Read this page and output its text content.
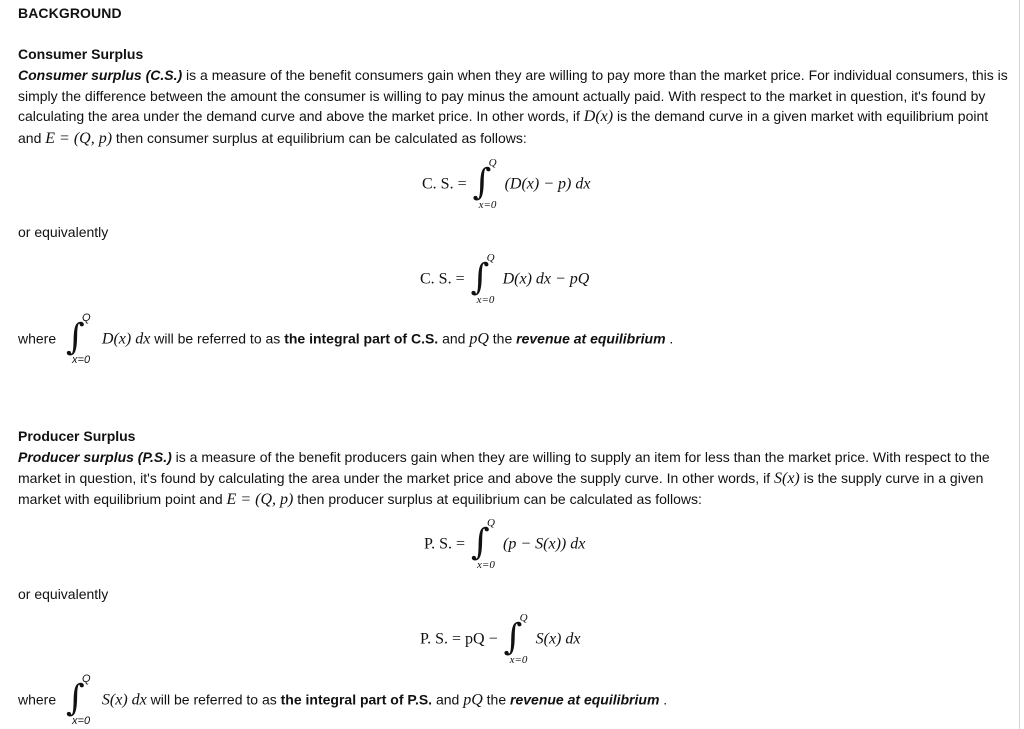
BACKGROUND
Consumer Surplus
Consumer surplus (C.S.) is a measure of the benefit consumers gain when they are willing to pay more than the market price. For individual consumers, this is simply the difference between the amount the consumer is willing to pay minus the amount actually paid. With respect to the market in question, it's found by calculating the area under the demand curve and above the market price. In other words, if D(x) is the demand curve in a given market with equilibrium point and E = (Q, p) then consumer surplus at equilibrium can be calculated as follows:
C. S. = ∫
Q
x=0
(D(x) − p) dx
or equivalently
C. S. = ∫
Q
x=0
D(x) dx − pQ
where ∫
Q
x=0
D(x) dx will be referred to as the integral part of C.S. and pQ the revenue at equilibrium .
Producer Surplus
Producer surplus (P.S.) is a measure of the benefit producers gain when they are willing to supply an item for less than the market price. With respect to the market in question, it's found by calculating the area under the market price and above the supply curve. In other words, if S(x) is the supply curve in a given market with equilibrium point and E = (Q, p) then producer surplus at equilibrium can be calculated as follows:
P. S. = ∫
Q
x=0
(p − S(x)) dx
or equivalently
P. S. = pQ − ∫
Q
x=0
S(x) dx
where ∫
Q
x=0
S(x) dx will be referred to as the integral part of P.S. and pQ the revenue at equilibrium .
